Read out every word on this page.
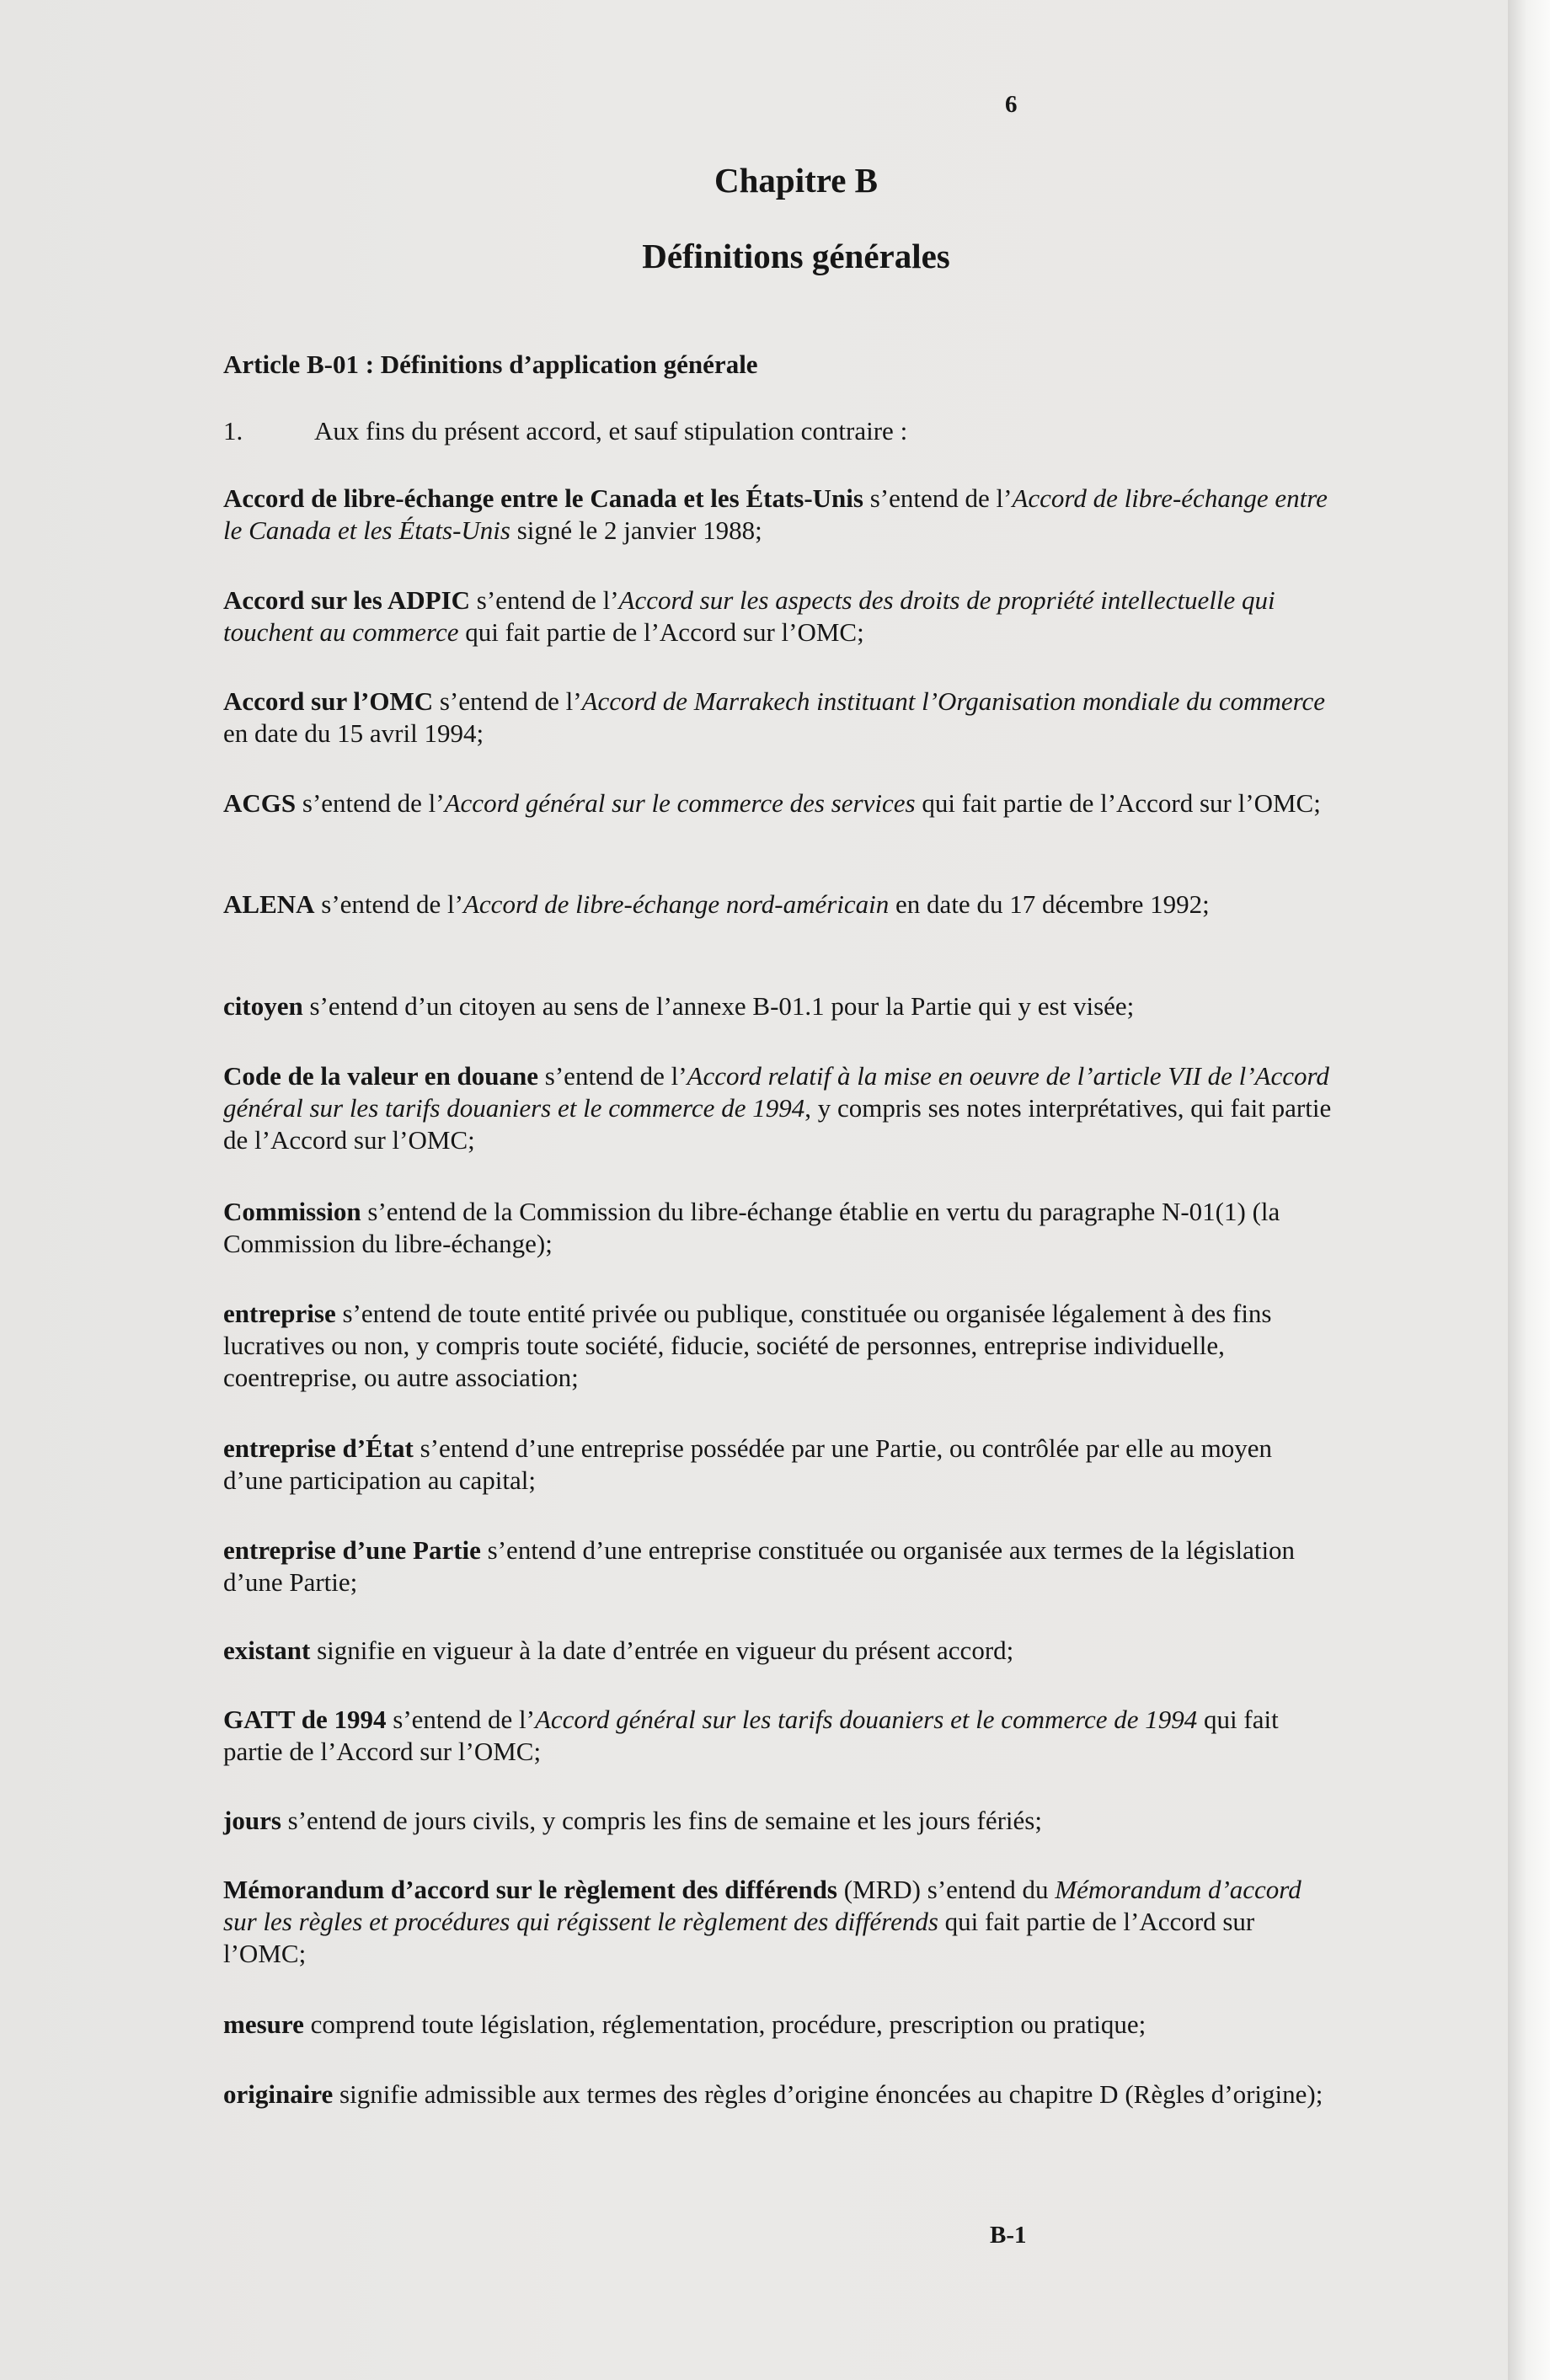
6
Chapitre B
Définitions générales
Article B-01 : Définitions d’application générale
1.	Aux fins du présent accord, et sauf stipulation contraire :
Accord de libre-échange entre le Canada et les États-Unis s’entend de l’Accord de libre-échange entre le Canada et les États-Unis signé le 2 janvier 1988;
Accord sur les ADPIC s’entend de l’Accord sur les aspects des droits de propriété intellectuelle qui touchent au commerce qui fait partie de l’Accord sur l’OMC;
Accord sur l’OMC s’entend de l’Accord de Marrakech instituant l’Organisation mondiale du commerce en date du 15 avril 1994;
ACGS s’entend de l’Accord général sur le commerce des services qui fait partie de l’Accord sur l’OMC;
ALENA s’entend de l’Accord de libre-échange nord-américain en date du 17 décembre 1992;
citoyen s’entend d’un citoyen au sens de l’annexe B-01.1 pour la Partie qui y est visée;
Code de la valeur en douane s’entend de l’Accord relatif à la mise en oeuvre de l’article VII de l’Accord général sur les tarifs douaniers et le commerce de 1994, y compris ses notes interprétatives, qui fait partie de l’Accord sur l’OMC;
Commission s’entend de la Commission du libre-échange établie en vertu du paragraphe N-01(1) (la Commission du libre-échange);
entreprise s’entend de toute entité privée ou publique, constituée ou organisée légalement à des fins lucratives ou non, y compris toute société, fiducie, société de personnes, entreprise individuelle, coentreprise, ou autre association;
entreprise d’État s’entend d’une entreprise possédée par une Partie, ou contrôlée par elle au moyen d’une participation au capital;
entreprise d’une Partie s’entend d’une entreprise constituée ou organisée aux termes de la législation d’une Partie;
existant signifie en vigueur à la date d’entrée en vigueur du présent accord;
GATT de 1994 s’entend de l’Accord général sur les tarifs douaniers et le commerce de 1994 qui fait partie de l’Accord sur l’OMC;
jours s’entend de jours civils, y compris les fins de semaine et les jours fériés;
Mémorandum d’accord sur le règlement des différends (MRD) s’entend du Mémorandum d’accord sur les règles et procédures qui régissent le règlement des différends qui fait partie de l’Accord sur l’OMC;
mesure comprend toute législation, réglementation, procédure, prescription ou pratique;
originaire signifie admissible aux termes des règles d’origine énoncées au chapitre D (Règles d’origine);
B-1
